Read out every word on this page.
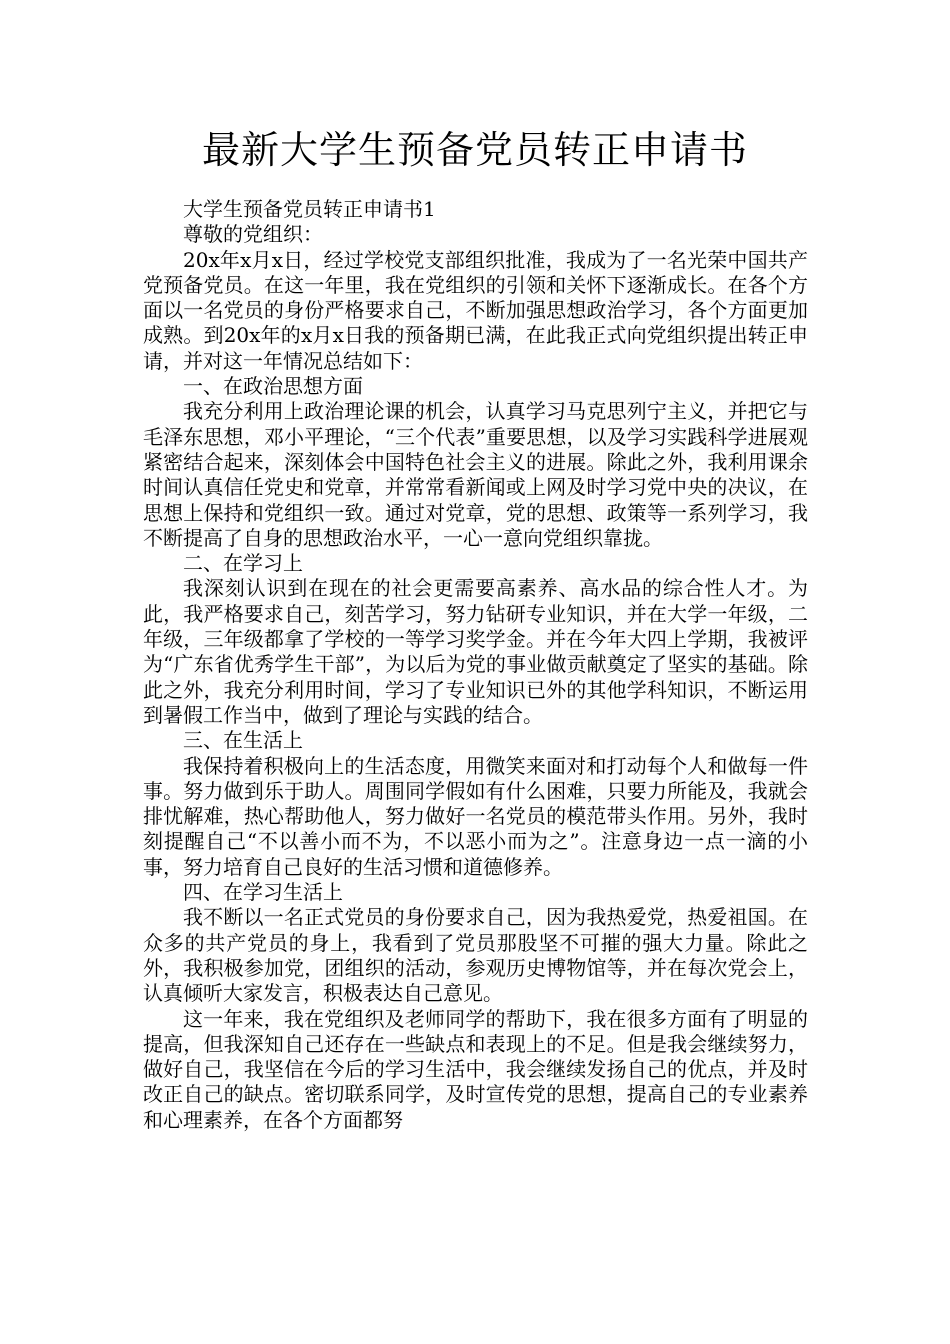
最新大学生预备党员转正申请书
大学生预备党员转正申请书1
尊敬的党组织：
20x年x月x日，经过学校党支部组织批准，我成为了一名光荣中国共产党预备党员。在这一年里，我在党组织的引领和关怀下逐渐成长。在各个方面以一名党员的身份严格要求自己，不断加强思想政治学习，各个方面更加成熟。到20x年的x月x日我的预备期已满，在此我正式向党组织提出转正申请，并对这一年情况总结如下：
一、在政治思想方面
我充分利用上政治理论课的机会，认真学习马克思列宁主义，并把它与毛泽东思想，邓小平理论，“三个代表”重要思想，以及学习实践科学进展观紧密结合起来，深刻体会中国特色社会主义的进展。除此之外，我利用课余时间认真信任党史和党章，并常常看新闻或上网及时学习党中央的决议，在思想上保持和党组织一致。通过对党章，党的思想、政策等一系列学习，我不断提高了自身的思想政治水平，一心一意向党组织靠拢。
二、在学习上
我深刻认识到在现在的社会更需要高素养、高水品的综合性人才。为此，我严格要求自己，刻苦学习，努力钻研专业知识，并在大学一年级，二年级，三年级都拿了学校的一等学习奖学金。并在今年大四上学期，我被评为“广东省优秀学生干部”，为以后为党的事业做贡献奠定了坚实的基础。除此之外，我充分利用时间，学习了专业知识已外的其他学科知识，不断运用到暑假工作当中，做到了理论与实践的结合。
三、在生活上
我保持着积极向上的生活态度，用微笑来面对和打动每个人和做每一件事。努力做到乐于助人。周围同学假如有什么困难，只要力所能及，我就会排忧解难，热心帮助他人，努力做好一名党员的模范带头作用。另外，我时刻提醒自己“不以善小而不为，不以恶小而为之”。注意身边一点一滴的小事，努力培育自己良好的生活习惯和道德修养。
四、在学习生活上
我不断以一名正式党员的身份要求自己，因为我热爱党，热爱祖国。在众多的共产党员的身上，我看到了党员那股坚不可摧的强大力量。除此之外，我积极参加党，团组织的活动，参观历史博物馆等，并在每次党会上，认真倾听大家发言，积极表达自己意见。
这一年来，我在党组织及老师同学的帮助下，我在很多方面有了明显的提高，但我深知自己还存在一些缺点和表现上的不足。但是我会继续努力，做好自己，我坚信在今后的学习生活中，我会继续发扬自己的优点，并及时改正自己的缺点。密切联系同学，及时宣传党的思想，提高自己的专业素养和心理素养，在各个方面都努
